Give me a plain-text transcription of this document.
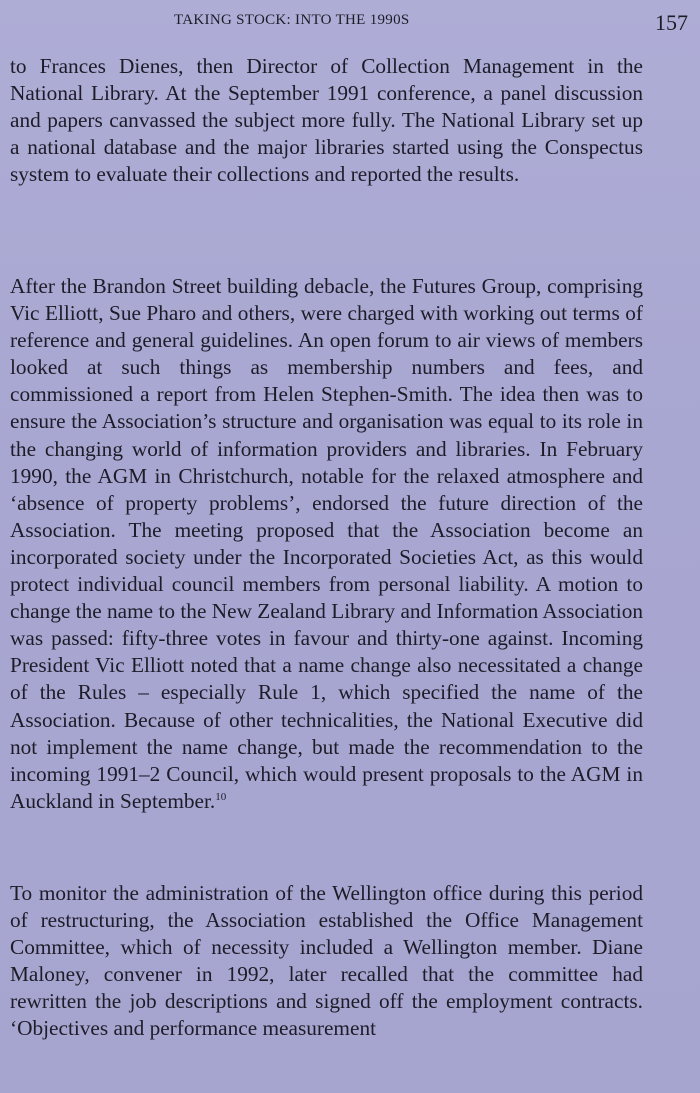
TAKING STOCK: INTO THE 1990S	157

to Frances Dienes, then Director of Collection Management in the National Library. At the September 1991 conference, a panel discussion and papers canvassed the subject more fully. The National Library set up a national database and the major libraries started using the Conspectus system to evaluate their collections and reported the results.

After the Brandon Street building debacle, the Futures Group, comprising Vic Elliott, Sue Pharo and others, were charged with working out terms of reference and general guidelines. An open forum to air views of members looked at such things as membership numbers and fees, and commissioned a report from Helen Stephen-Smith. The idea then was to ensure the Association’s structure and organisation was equal to its role in the changing world of information providers and libraries. In February 1990, the AGM in Christchurch, notable for the relaxed atmosphere and ‘absence of property problems’, endorsed the future direction of the Association. The meeting proposed that the Association become an incorporated society under the Incorporated Societies Act, as this would protect individual council members from personal liability. A motion to change the name to the New Zealand Library and Information Association was passed: fifty-three votes in favour and thirty-one against. Incoming President Vic Elliott noted that a name change also necessitated a change of the Rules – especially Rule 1, which specified the name of the Association. Because of other technicalities, the National Executive did not implement the name change, but made the recommendation to the incoming 1991–2 Council, which would present proposals to the AGM in Auckland in September.$^{10}$

To monitor the administration of the Wellington office during this period of restructuring, the Association established the Office Management Committee, which of necessity included a Wellington member. Diane Maloney, convener in 1992, later recalled that the committee had rewritten the job descriptions and signed off the employment contracts. ‘Objectives and performance measurement
